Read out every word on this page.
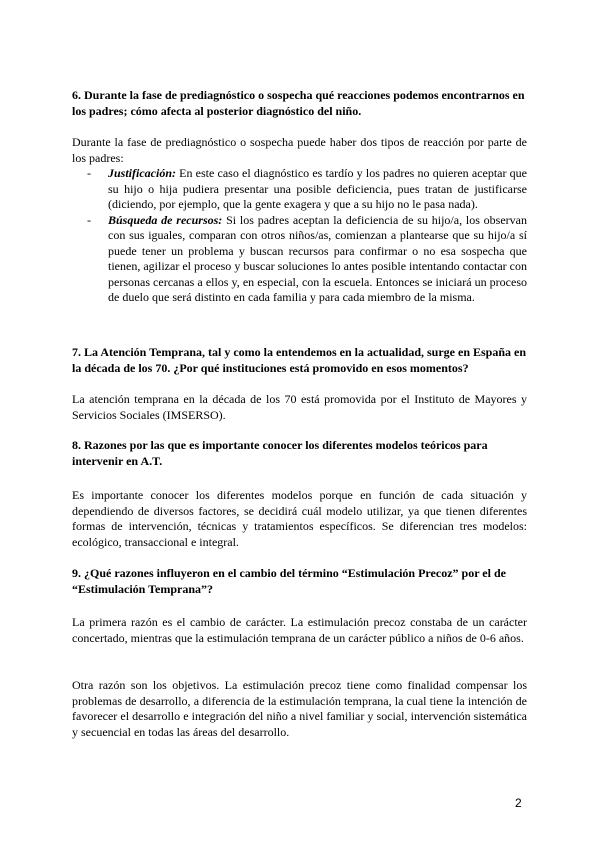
6. Durante la fase de prediagnóstico o sospecha qué reacciones podemos encontrarnos en los padres; cómo afecta al posterior diagnóstico del niño.

Durante la fase de prediagnóstico o sospecha puede haber dos tipos de reacción por parte de los padres:

- Justificación: En este caso el diagnóstico es tardío y los padres no quieren aceptar que su hijo o hija pudiera presentar una posible deficiencia, pues tratan de justificarse (diciendo, por ejemplo, que la gente exagera y que a su hijo no le pasa nada).
- Búsqueda de recursos: Si los padres aceptan la deficiencia de su hijo/a, los observan con sus iguales, comparan con otros niños/as, comienzan a plantearse que su hijo/a sí puede tener un problema y buscan recursos para confirmar o no esa sospecha que tienen, agilizar el proceso y buscar soluciones lo antes posible intentando contactar con personas cercanas a ellos y, en especial, con la escuela. Entonces se iniciará un proceso de duelo que será distinto en cada familia y para cada miembro de la misma.
7. La Atención Temprana, tal y como la entendemos en la actualidad, surge en España en la década de los 70. ¿Por qué instituciones está promovido en esos momentos?
La atención temprana en la década de los 70 está promovida por el Instituto de Mayores y Servicios Sociales (IMSERSO).
8. Razones por las que es importante conocer los diferentes modelos teóricos para intervenir en A.T.
Es importante conocer los diferentes modelos porque en función de cada situación y dependiendo de diversos factores, se decidirá cuál modelo utilizar, ya que tienen diferentes formas de intervención, técnicas y tratamientos específicos. Se diferencian tres modelos: ecológico, transaccional e integral.
9. ¿Qué razones influyeron en el cambio del término “Estimulación Precoz” por el de “Estimulación Temprana”?
La primera razón es el cambio de carácter. La estimulación precoz constaba de un carácter concertado, mientras que la estimulación temprana de un carácter público a niños de 0-6 años.
Otra razón son los objetivos. La estimulación precoz tiene como finalidad compensar los problemas de desarrollo, a diferencia de la estimulación temprana, la cual tiene la intención de favorecer el desarrollo e integración del niño a nivel familiar y social, intervención sistemática y secuencial en todas las áreas del desarrollo.
2
